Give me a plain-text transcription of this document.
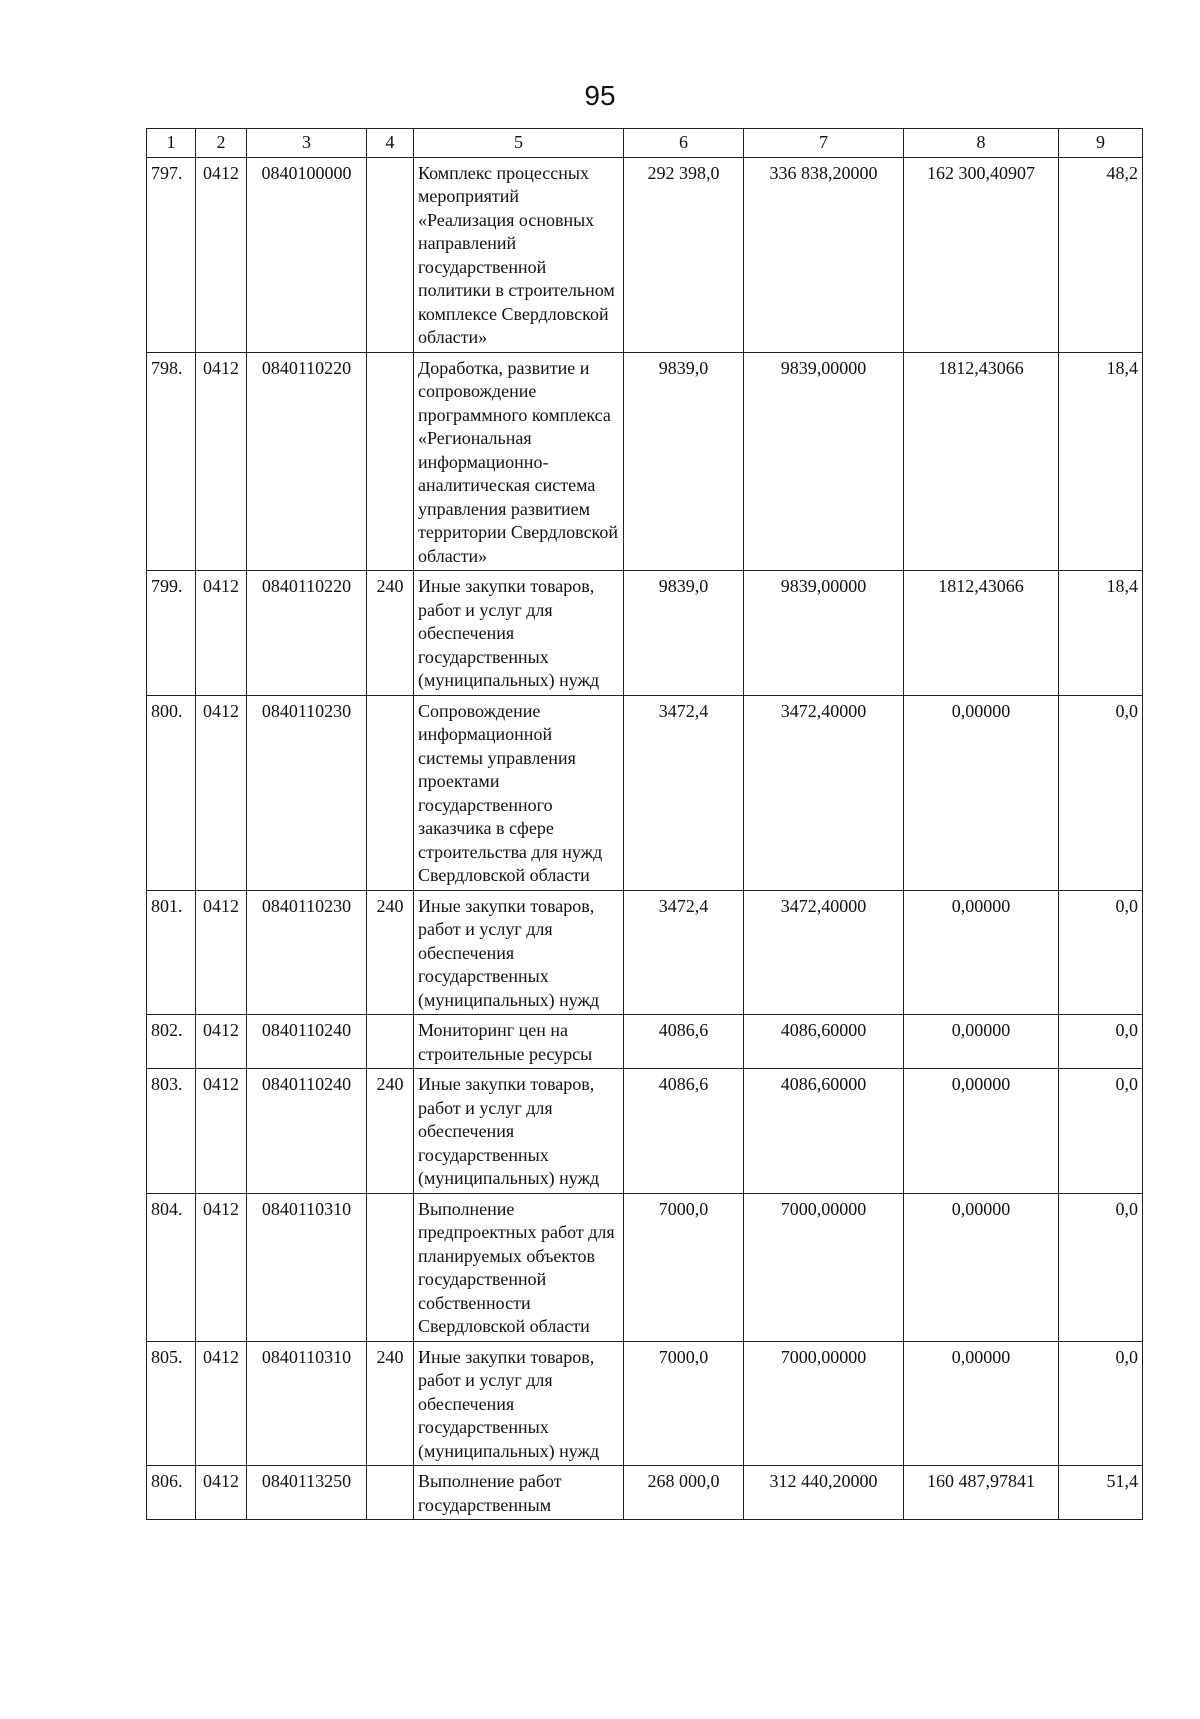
95
1	2	3	4	5	6	7	8	9
797.	0412	0840100000		Комплекс процессных мероприятий «Реализация основных направлений государственной политики в строительном комплексе Свердловской области»	292 398,0	336 838,20000	162 300,40907	48,2
798.	0412	0840110220		Доработка, развитие и сопровождение программного комплекса «Региональная информационно-аналитическая система управления развитием территории Свердловской области»	9839,0	9839,00000	1812,43066	18,4
799.	0412	0840110220	240	Иные закупки товаров, работ и услуг для обеспечения государственных (муниципальных) нужд	9839,0	9839,00000	1812,43066	18,4
800.	0412	0840110230		Сопровождение информационной системы управления проектами государственного заказчика в сфере строительства для нужд Свердловской области	3472,4	3472,40000	0,00000	0,0
801.	0412	0840110230	240	Иные закупки товаров, работ и услуг для обеспечения государственных (муниципальных) нужд	3472,4	3472,40000	0,00000	0,0
802.	0412	0840110240		Мониторинг цен на строительные ресурсы	4086,6	4086,60000	0,00000	0,0
803.	0412	0840110240	240	Иные закупки товаров, работ и услуг для обеспечения государственных (муниципальных) нужд	4086,6	4086,60000	0,00000	0,0
804.	0412	0840110310		Выполнение предпроектных работ для планируемых объектов государственной собственности Свердловской области	7000,0	7000,00000	0,00000	0,0
805.	0412	0840110310	240	Иные закупки товаров, работ и услуг для обеспечения государственных (муниципальных) нужд	7000,0	7000,00000	0,00000	0,0
806.	0412	0840113250		Выполнение работ государственным	268 000,0	312 440,20000	160 487,97841	51,4
